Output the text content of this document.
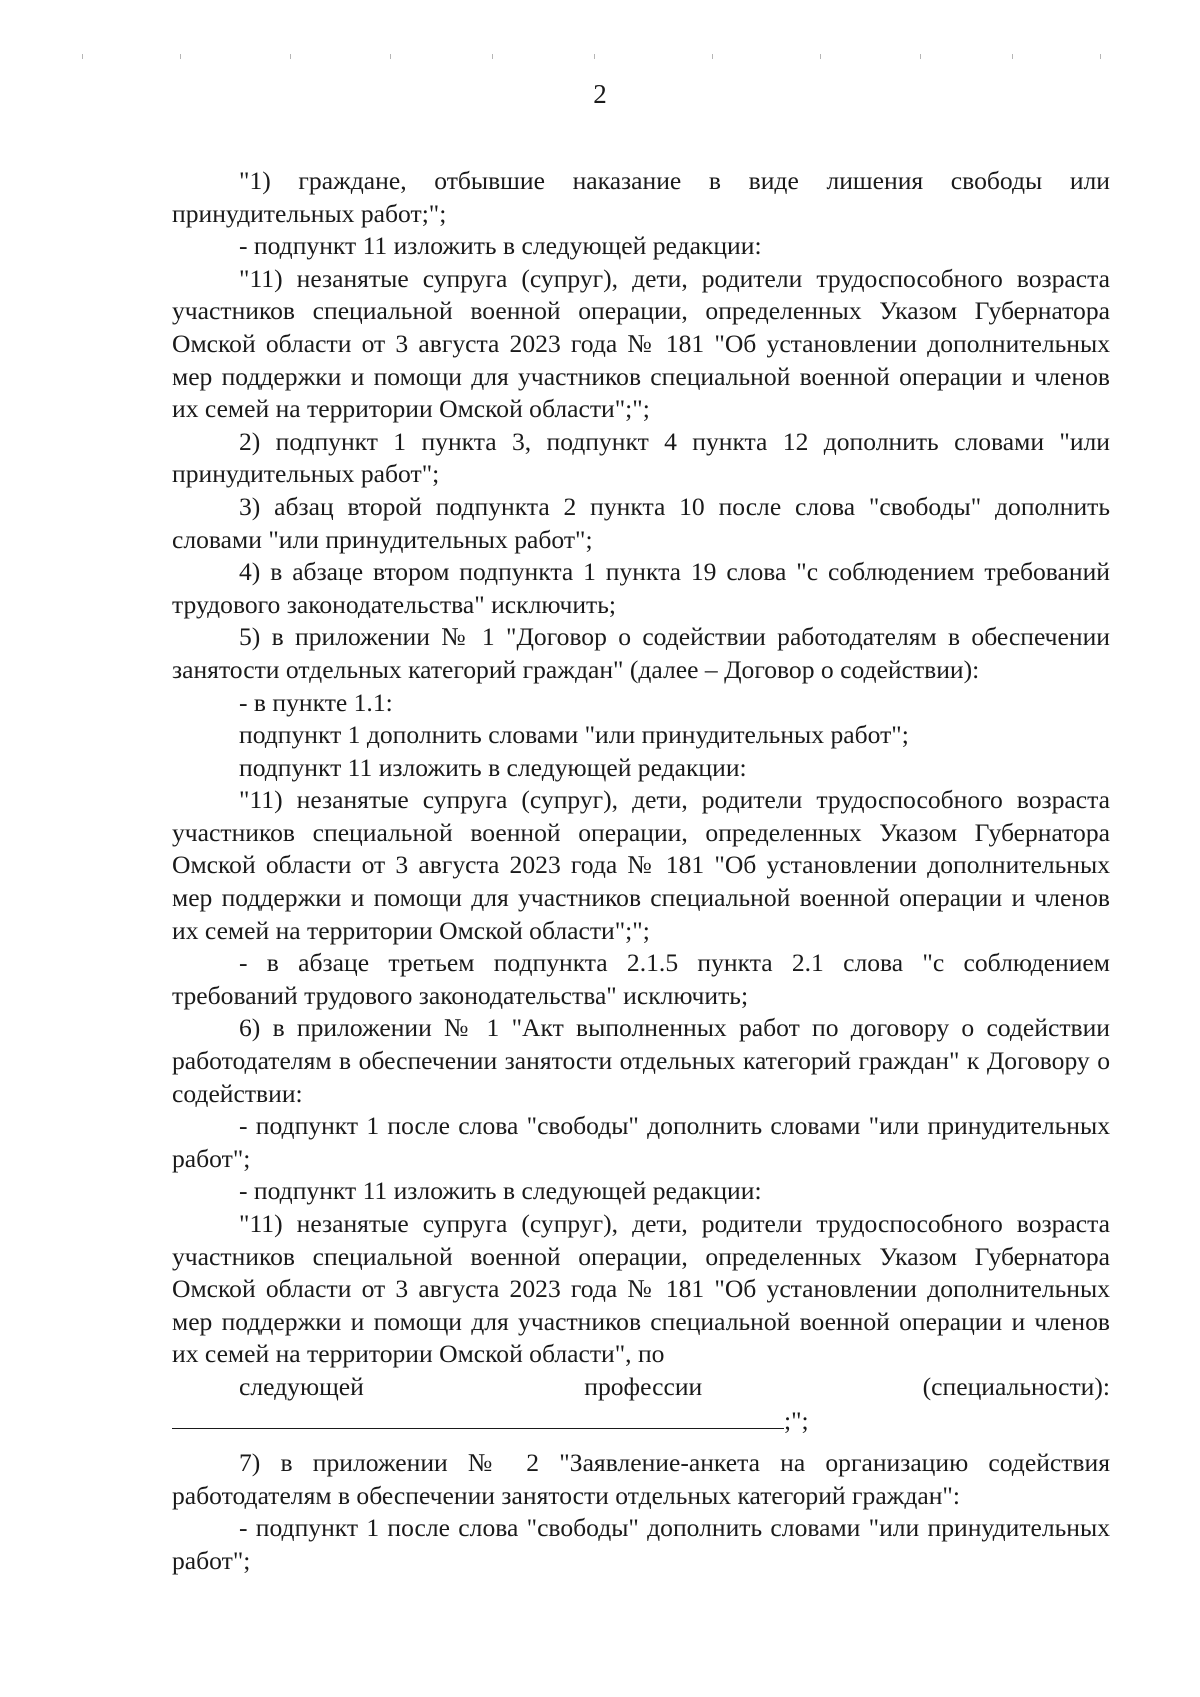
2

"1) граждане, отбывшие наказание в виде лишения свободы или принудительных работ;";

- подпункт 11 изложить в следующей редакции:

"11) незанятые супруга (супруг), дети, родители трудоспособного возраста участников специальной военной операции, определенных Указом Губернатора Омской области от 3 августа 2023 года № 181 "Об установлении дополнительных мер поддержки и помощи для участников специальной военной операции и членов их семей на территории Омской области";";

2) подпункт 1 пункта 3, подпункт 4 пункта 12 дополнить словами "или принудительных работ";

3) абзац второй подпункта 2 пункта 10 после слова "свободы" дополнить словами "или принудительных работ";

4) в абзаце втором подпункта 1 пункта 19 слова "с соблюдением требований трудового законодательства" исключить;

5) в приложении № 1 "Договор о содействии работодателям в обеспечении занятости отдельных категорий граждан" (далее – Договор о содействии):

- в пункте 1.1:

подпункт 1 дополнить словами "или принудительных работ";

подпункт 11 изложить в следующей редакции:

"11) незанятые супруга (супруг), дети, родители трудоспособного возраста участников специальной военной операции, определенных Указом Губернатора Омской области от 3 августа 2023 года № 181 "Об установлении дополнительных мер поддержки и помощи для участников специальной военной операции и членов их семей на территории Омской области";";

- в абзаце третьем подпункта 2.1.5 пункта 2.1 слова "с соблюдением требований трудового законодательства" исключить;

6) в приложении № 1 "Акт выполненных работ по договору о содействии работодателям в обеспечении занятости отдельных категорий граждан" к Договору о содействии:

- подпункт 1 после слова "свободы" дополнить словами "или принудительных работ";

- подпункт 11 изложить в следующей редакции:

"11) незанятые супруга (супруг), дети, родители трудоспособного возраста участников специальной военной операции, определенных Указом Губернатора Омской области от 3 августа 2023 года № 181 "Об установлении дополнительных мер поддержки и помощи для участников специальной военной операции и членов их семей на территории Омской области", по
следующей	профессии	(специальности):
;";

7) в приложении № 2 "Заявление-анкета на организацию содействия работодателям в обеспечении занятости отдельных категорий граждан":

- подпункт 1 после слова "свободы" дополнить словами "или принудительных работ";
